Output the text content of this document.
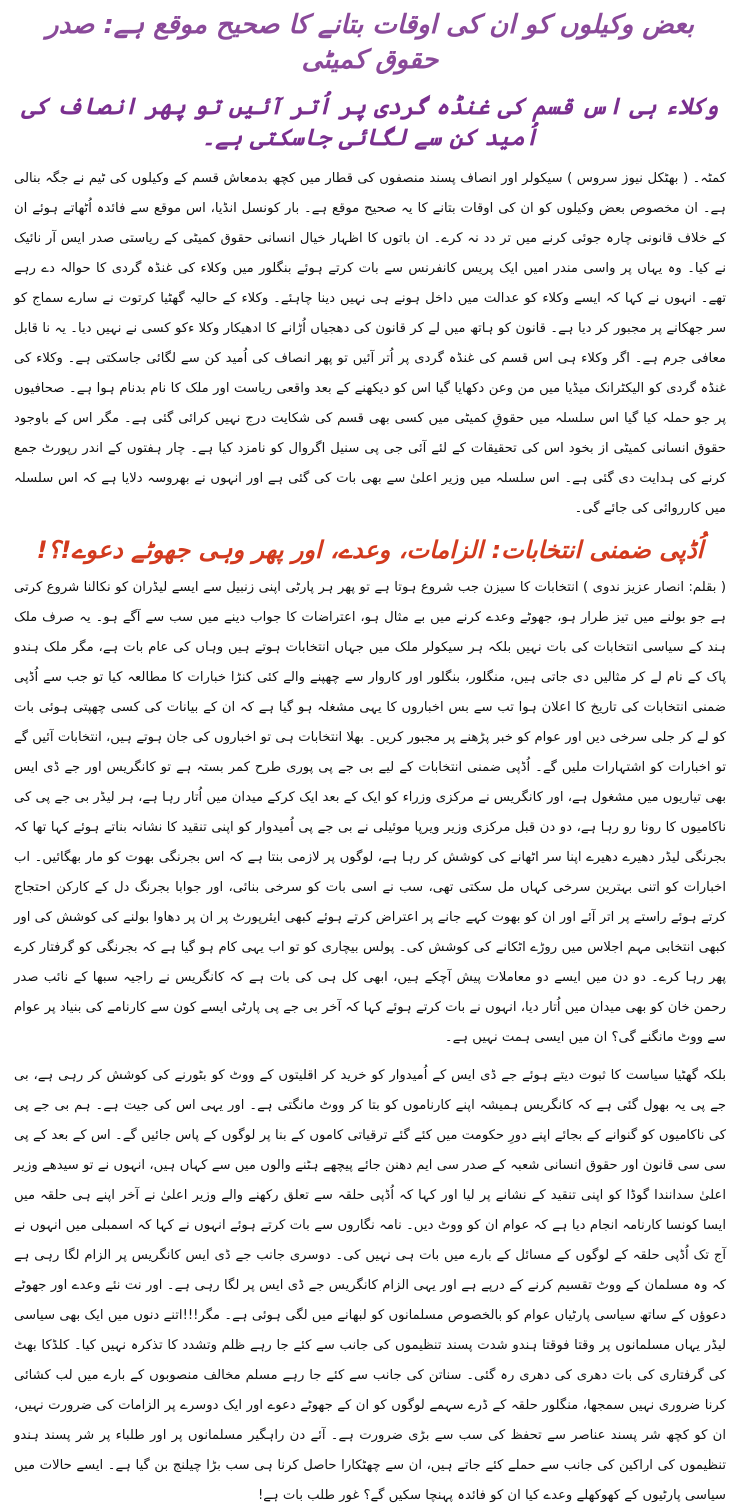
بعض وکیلوں کو ان کی اوقات بتانے کا صحیح موقع ہے: صدر حقوق کمیٹی
وکلاء ہی اس قسم کی غنڈہ گردی پر اُتر آئیں تو پھر انصاف کی اُمید کن سے لگائی جاسکتی ہے۔

کمٹہ۔ ( بھٹکل نیوز سروس ) سیکولر اور انصاف پسند منصفوں کی قطار میں کچھ بدمعاش قسم کے وکیلوں کی ٹیم نے جگہ بنالی ہے۔ ان مخصوص بعض وکیلوں کو ان کی اوقات بتانے کا یہ صحیح موقع ہے۔ بار کونسل انڈیا، اس موقع سے فائدہ اُٹھاتے ہوئے ان کے خلاف قانونی چارہ جوئی کرنے میں تر دد نہ کرے۔ ان باتوں کا اظہار خیال انسانی حقوق کمیٹی کے ریاستی صدر ایس آر نائیک نے کیا۔ وہ یہاں پر واسی مندر امیں ایک پریس کانفرنس سے بات کرتے ہوئے بنگلور میں وکلاء کی غنڈہ گردی کا حوالہ دے رہے تھے۔ انہوں نے کہا کہ ایسے وکلاء کو عدالت میں داخل ہونے ہی نہیں دینا چاہئے۔ وکلاء کے حالیہ گھٹیا کرتوت نے سارے سماج کو سر جھکانے پر مجبور کر دیا ہے۔ قانون کو ہاتھ میں لے کر قانون کی دھجیاں اُڑانے کا ادھیکار وکلا ءکو کسی نے نہیں دیا۔ یہ نا قابل معافی جرم ہے۔ اگر وکلاء ہی اس قسم کی غنڈہ گردی پر اُتر آئیں تو پھر انصاف کی اُمید کن سے لگائی جاسکتی ہے۔ وکلاء کی غنڈہ گردی کو الیکٹرانک میڈیا میں من وعن دکھایا گیا اس کو دیکھنے کے بعد واقعی ریاست اور ملک کا نام بدنام ہوا ہے۔ صحافیوں پر جو حملہ کیا گیا اس سلسلہ میں حقوقِ کمیٹی میں کسی بھی قسم کی شکایت درج نہیں کرائی گئی ہے۔ مگر اس کے باوجود حقوق انسانی کمیٹی از بخود اس کی تحقیقات کے لئے آئی جی پی سنیل اگروال کو نامزد کیا ہے۔ چار ہفتوں کے اندر رپورٹ جمع کرنے کی ہدایت دی گئی ہے۔ اس سلسلہ میں وزیر اعلیٰ سے بھی بات کی گئی ہے اور انہوں نے بھروسہ دلایا ہے کہ اس سلسلہ میں کارروائی کی جائے گی۔

اُڈپی ضمنی انتخابات: الزامات، وعدے، اور پھر وہی جھوٹے دعوے!؟!

( بقلم: انصار عزیز ندوی ) انتخابات کا سیزن جب شروع ہوتا ہے تو پھر ہر پارٹی اپنی زنبیل سے ایسے لیڈران کو نکالنا شروع کرتی ہے جو بولنے میں تیز طرار ہو، جھوٹے وعدے کرنے میں بے مثال ہو، اعتراضات کا جواب دینے میں سب سے آگے ہو۔ یہ صرف ملک ہند کے سیاسی انتخابات کی بات نہیں بلکہ ہر سیکولر ملک میں جہاں انتخابات ہوتے ہیں وہاں کی عام بات ہے، مگر ملک ہندو پاک کے نام لے کر مثالیں دی جاتی ہیں، منگلور، بنگلور اور کاروار سے چھپنے والے کئی کنڑا خبارات کا مطالعہ کیا تو جب سے اُڈپی ضمنی انتخابات کی تاریخ کا اعلان ہوا تب سے بس اخباروں کا یہی مشغلہ ہو گیا ہے کہ ان کے بیانات کی کسی چھپتی ہوئی بات کو لے کر جلی سرخی دیں اور عوام کو خبر پڑھنے پر مجبور کریں۔ بھلا انتخابات ہی تو اخباروں کی جان ہوتے ہیں، انتخابات آئیں گے تو اخبارات کو اشتہارات ملیں گے۔ اُڈپی ضمنی انتخابات کے لیے بی جے پی پوری طرح کمر بستہ ہے تو کانگریس اور جے ڈی ایس بھی تیاریوں میں مشغول ہے، اور کانگریس نے مرکزی وزراء کو ایک کے بعد ایک کرکے میدان میں اُتار رہا ہے، ہر لیڈر بی جے پی کی ناکامیوں کا رونا رو رہا ہے، دو دن قبل مرکزی وزیر ویرپا موئیلی نے بی جے پی اُمیدوار کو اپنی تنقید کا نشانہ بناتے ہوئے کہا تھا کہ بجرنگی لیڈر دھیرے دھیرے اپنا سر اٹھانے کی کوشش کر رہا ہے، لوگوں پر لازمی بنتا ہے کہ اس بجرنگی بھوت کو مار بھگائیں۔ اب اخبارات کو اتنی بہترین سرخی کہاں مل سکتی تھی، سب نے اسی بات کو سرخی بنائی، اور جوابا بجرنگ دل کے کارکن احتجاج کرتے ہوئے راستے پر اتر آئے اور ان کو بھوت کہے جانے پر اعتراض کرتے ہوئے کبھی ایئرپورٹ پر ان پر دھاوا بولنے کی کوشش کی اور کبھی انتخابی مہم اجلاس میں روڑے اٹکانے کی کوشش کی۔ پولس بیچاری کو تو اب یہی کام ہو گیا ہے کہ بجرنگی کو گرفتار کرے پھر رہا کرے۔ دو دن میں ایسے دو معاملات پیش آچکے ہیں، ابھی کل ہی کی بات ہے کہ کانگریس نے راجیہ سبھا کے نائب صدر رحمن خان کو بھی میدان میں اُتار دیا، انہوں نے بات کرتے ہوئے کہا کہ آخر بی جے پی پارٹی ایسے کون سے کارنامے کی بنیاد پر عوام سے ووٹ مانگنے گی؟ ان میں ایسی ہمت نہیں ہے۔

بلکہ گھٹیا سیاست کا ثبوت دیتے ہوئے جے ڈی ایس کے اُمیدوار کو خرید کر اقلیتوں کے ووٹ کو بٹورنے کی کوشش کر رہی ہے، بی جے پی یہ بھول گئی ہے کہ کانگریس ہمیشہ اپنے کارناموں کو بتا کر ووٹ مانگتی ہے۔ اور یہی اس کی جیت ہے۔ ہم بی جے پی کی ناکامیوں کو گنوانے کے بجائے اپنے دورِ حکومت میں کئے گئے ترقیاتی کاموں کے بنا پر لوگوں کے پاس جائیں گے۔ اس کے بعد کے پی سی سی قانون اور حقوق انسانی شعبہ کے صدر سی ایم دھنن جائے پیچھے ہٹنے والوں میں سے کہاں ہیں، انہوں نے تو سیدھے وزیر اعلیٰ سدانندا گوڈا کو اپنی تنقید کے نشانے پر لیا اور کہا کہ اُڈپی حلقہ سے تعلق رکھنے والے وزیر اعلیٰ نے آخر اپنے ہی حلقہ میں ایسا کونسا کارنامہ انجام دیا ہے کہ عوام ان کو ووٹ دیں۔ نامہ نگاروں سے بات کرتے ہوئے انہوں نے کہا کہ اسمبلی میں انہوں نے آج تک اُڈپی حلقہ کے لوگوں کے مسائل کے بارے میں بات ہی نہیں کی۔ دوسری جانب جے ڈی ایس کانگریس پر الزام لگا رہی ہے کہ وہ مسلمان کے ووٹ تقسیم کرنے کے درپے ہے اور یہی الزام کانگریس جے ڈی ایس پر لگا رہی ہے۔ اور نت نئے وعدے اور جھوٹے دعوؤں کے ساتھ سیاسی پارٹیاں عوام کو بالخصوص مسلمانوں کو لبھانے میں لگی ہوئی ہے۔ مگر!!!اتنے دنوں میں ایک بھی سیاسی لیڈر یہاں مسلمانوں پر وقتا فوقتا ہندو شدت پسند تنظیموں کی جانب سے کئے جا رہے ظلم وتشدد کا تذکرہ نہیں کیا۔ کلڈکا بھٹ کی گرفتاری کی بات دھری کی دھری رہ گئی۔ سناتن کی جانب سے کئے جا رہے مسلم مخالف منصوبوں کے بارے میں لب کشائی کرنا ضروری نہیں سمجھا، منگلور حلقہ کے ڈرے سہمے لوگوں کو ان کے جھوٹے دعوے اور ایک دوسرے پر الزامات کی ضرورت نہیں، ان کو کچھ شر پسند عناصر سے تحفظ کی سب سے بڑی ضرورت ہے۔ آئے دن راہگیر مسلمانوں پر اور طلباء پر شر پسند ہندو تنظیموں کی اراکین کی جانب سے حملے کئے جاتے ہیں، ان سے چھٹکارا حاصل کرنا ہی سب بڑا چیلنج بن گیا ہے۔ ایسے حالات میں سیاسی پارٹیوں کے کھوکھلے وعدے کیا ان کو فائدہ پہنچا سکیں گے؟ غور طلب بات ہے!
